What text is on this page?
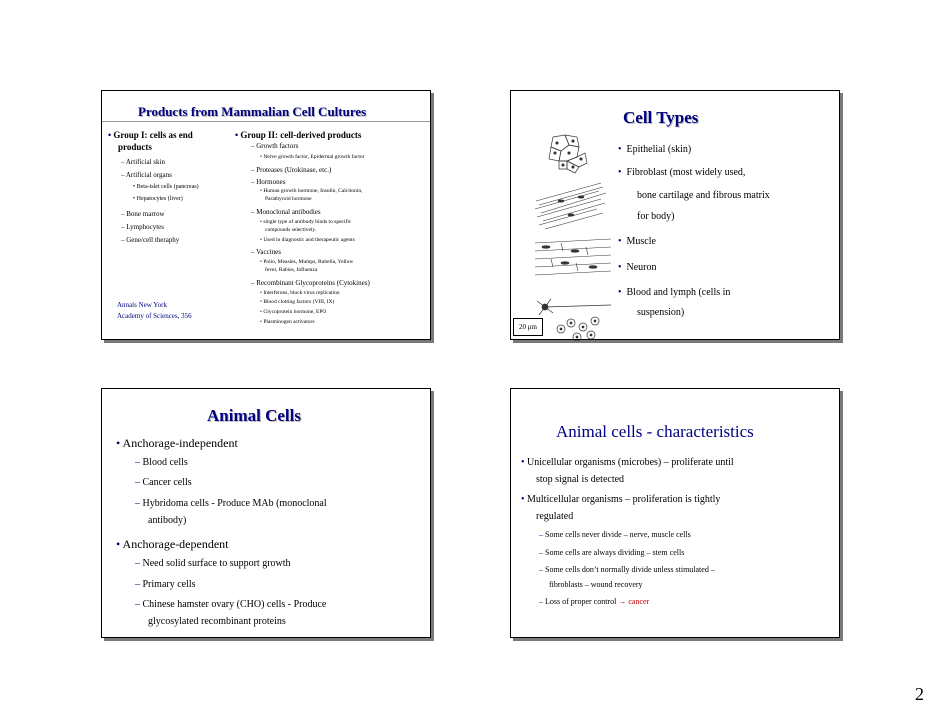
Products from Mammalian Cell Cultures
• Group I: cells as end
products
– Artificial skin
– Artificial organs
• Beta-islet cells (pancreas)
• Hepatocytes (liver)
– Bone marrow
– Lymphocytes
– Gene/cell theraphy
Annals New York
Academy of Sciences, 356
• Group II: cell-derived products
– Growth factors
• Nerve growth factor, Epidermal growth factor
– Proteases (Urokinase, etc.)
– Hormones
• Human growth hormone, Insulin, Calcitonin,
Parathyroid hormone
– Monoclonal antibodies
• single type of antibody binds to specific
compounds selectively.
• Used in diagnostic and therapeutic agents
– Vaccines
• Polio, Measles, Mumps, Rubella, Yellow
fever, Rabies, Influenza
– Recombinant Glycoproteins (Cytokines)
• Interferons, block virus replication
• Blood clotting factors (VIII, IX)
• Glycoprotein hormone, EPO
• Plasminogen activators
Cell Types
20 μm
• Epithelial (skin)
• Fibroblast (most widely used,
bone cartilage and fibrous matrix
for body)
• Muscle
• Neuron
• Blood and lymph (cells in
suspension)
Animal Cells
• Anchorage-independent
– Blood cells
– Cancer cells
– Hybridoma cells - Produce MAb (monoclonal
antibody)
• Anchorage-dependent
– Need solid surface to support growth
– Primary cells
– Chinese hamster ovary (CHO) cells - Produce
glycosylated recombinant proteins
Animal cells - characteristics
• Unicellular organisms (microbes) – proliferate until
stop signal is detected
• Multicellular organisms – proliferation is tightly
regulated
– Some cells never divide – nerve, muscle cells
– Some cells are always dividing – stem cells
– Some cells don’t normally divide unless stimulated –
fibroblasts – wound recovery
– Loss of proper control → cancer
2
